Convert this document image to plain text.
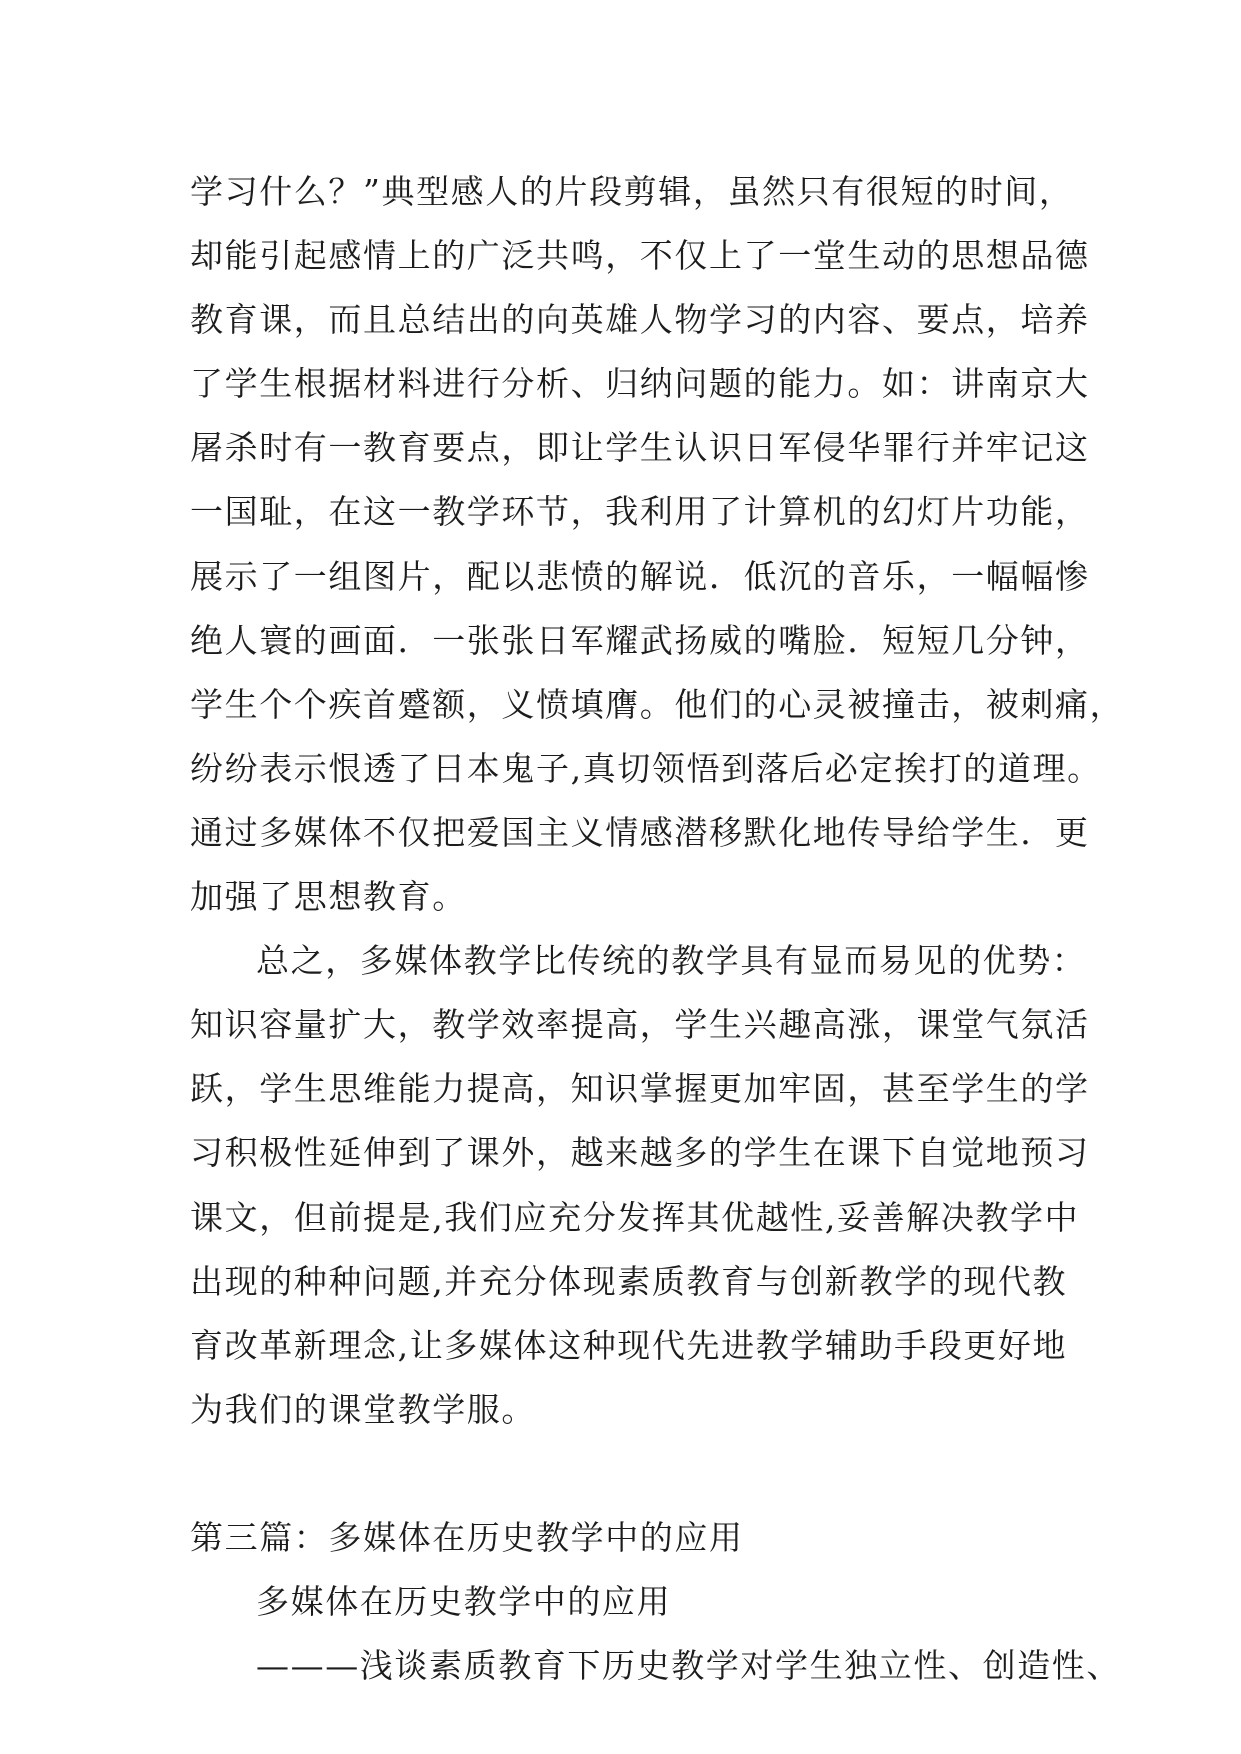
学习什么？”典型感人的片段剪辑，虽然只有很短的时间，
却能引起感情上的广泛共鸣，不仅上了一堂生动的思想品德
教育课，而且总结出的向英雄人物学习的内容、要点，培养
了学生根据材料进行分析、归纳问题的能力。如：讲南京大
屠杀时有一教育要点，即让学生认识日军侵华罪行并牢记这
一国耻，在这一教学环节，我利用了计算机的幻灯片功能，
展示了一组图片，配以悲愤的解说．低沉的音乐，一幅幅惨
绝人寰的画面．一张张日军耀武扬威的嘴脸．短短几分钟，
学生个个疾首蹙额，义愤填膺。他们的心灵被撞击，被刺痛，
纷纷表示恨透了日本鬼子,真切领悟到落后必定挨打的道理。
通过多媒体不仅把爱国主义情感潜移默化地传导给学生．更
加强了思想教育。
总之，多媒体教学比传统的教学具有显而易见的优势：
知识容量扩大，教学效率提高，学生兴趣高涨，课堂气氛活
跃，学生思维能力提高，知识掌握更加牢固，甚至学生的学
习积极性延伸到了课外，越来越多的学生在课下自觉地预习
课文，但前提是,我们应充分发挥其优越性,妥善解决教学中
出现的种种问题,并充分体现素质教育与创新教学的现代教
育改革新理念,让多媒体这种现代先进教学辅助手段更好地
为我们的课堂教学服。
第三篇：多媒体在历史教学中的应用
多媒体在历史教学中的应用
———浅谈素质教育下历史教学对学生独立性、创造性、
